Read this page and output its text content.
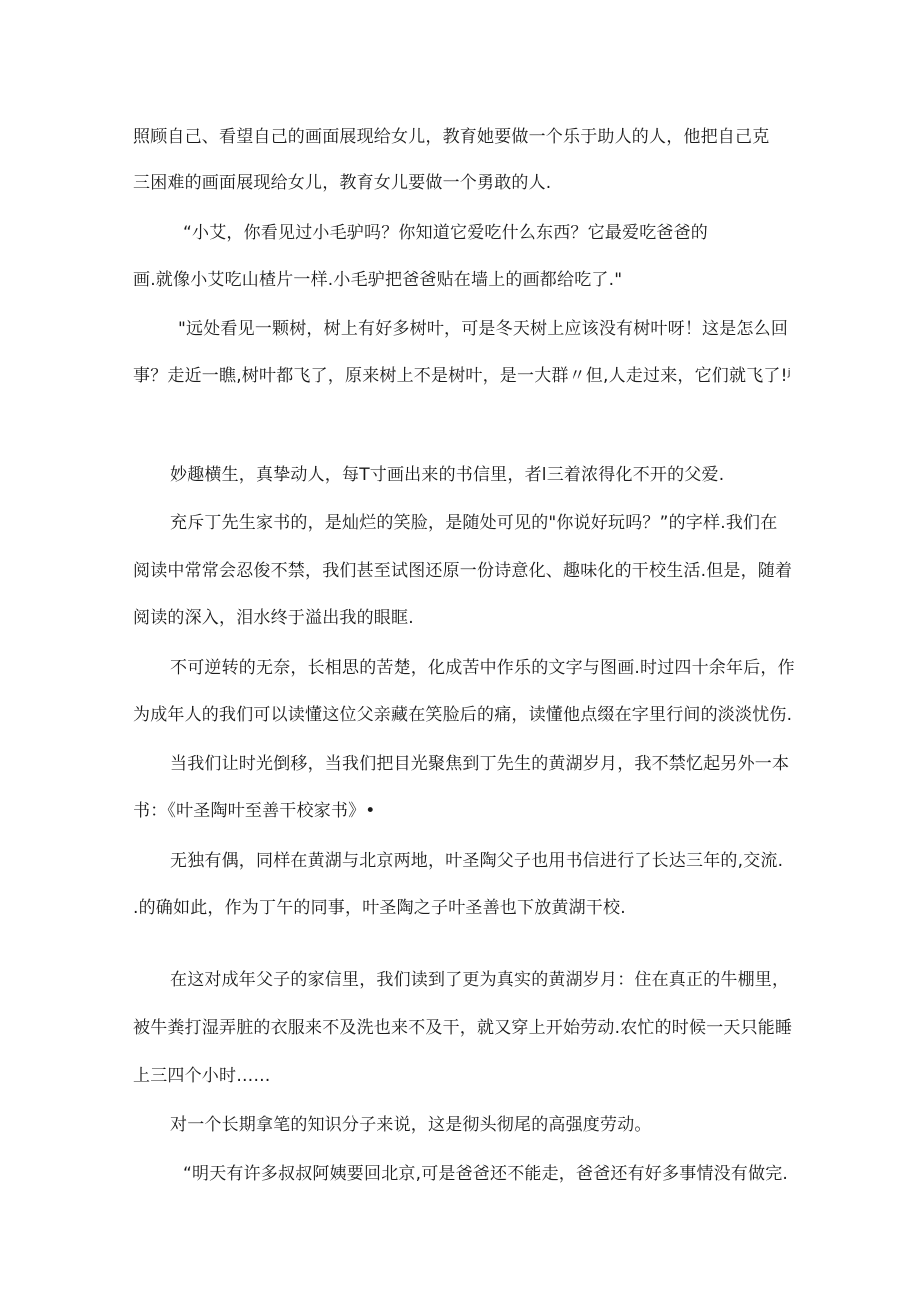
照顾自己、看望自己的画面展现给女儿，教育她要做一个乐于助人的人，他把自己克
三困难的画面展现给女儿，教育女儿要做一个勇敢的人.
“小艾，你看见过小毛驴吗？你知道它爱吃什么东西？它最爱吃爸爸的
画.就像小艾吃山楂片一样.小毛驴把爸爸贴在墙上的画都给吃了."
"远处看见一颗树，树上有好多树叶，可是冬天树上应该没有树叶呀！这是怎么回
事？走近一瞧,树叶都飞了，原来树上不是树叶，是一大群〃但,人走过来，它们就飞了!ʲ
妙趣横生，真挚动人，每T寸画出来的书信里，者l三着浓得化不开的父爱.
充斥丁先生家书的，是灿烂的笑脸，是随处可见的"你说好玩吗？”的字样.我们在
阅读中常常会忍俊不禁，我们甚至试图还原一份诗意化、趣味化的干校生活.但是，随着
阅读的深入，泪水终于溢出我的眼眶.
不可逆转的无奈，长相思的苦楚，化成苦中作乐的文字与图画.时过四十余年后，作
为成年人的我们可以读懂这位父亲藏在笑脸后的痛，读懂他点缀在字里行间的淡淡忧伤.
当我们让时光倒移，当我们把目光聚焦到丁先生的黄湖岁月，我不禁忆起另外一本
书：《叶圣陶叶至善干校家书》•
无独有偶，同样在黄湖与北京两地，叶圣陶父子也用书信进行了长达三年的,交流.
.的确如此，作为丁午的同事，叶圣陶之子叶圣善也下放黄湖干校.
在这对成年父子的家信里，我们读到了更为真实的黄湖岁月：住在真正的牛棚里，
被牛粪打湿弄脏的衣服来不及洗也来不及干，就又穿上开始劳动.农忙的时候一天只能睡
上三四个小时……
对一个长期拿笔的知识分子来说，这是彻头彻尾的高强度劳动。
“明天有许多叔叔阿姨要回北京,可是爸爸还不能走，爸爸还有好多事情没有做完.
